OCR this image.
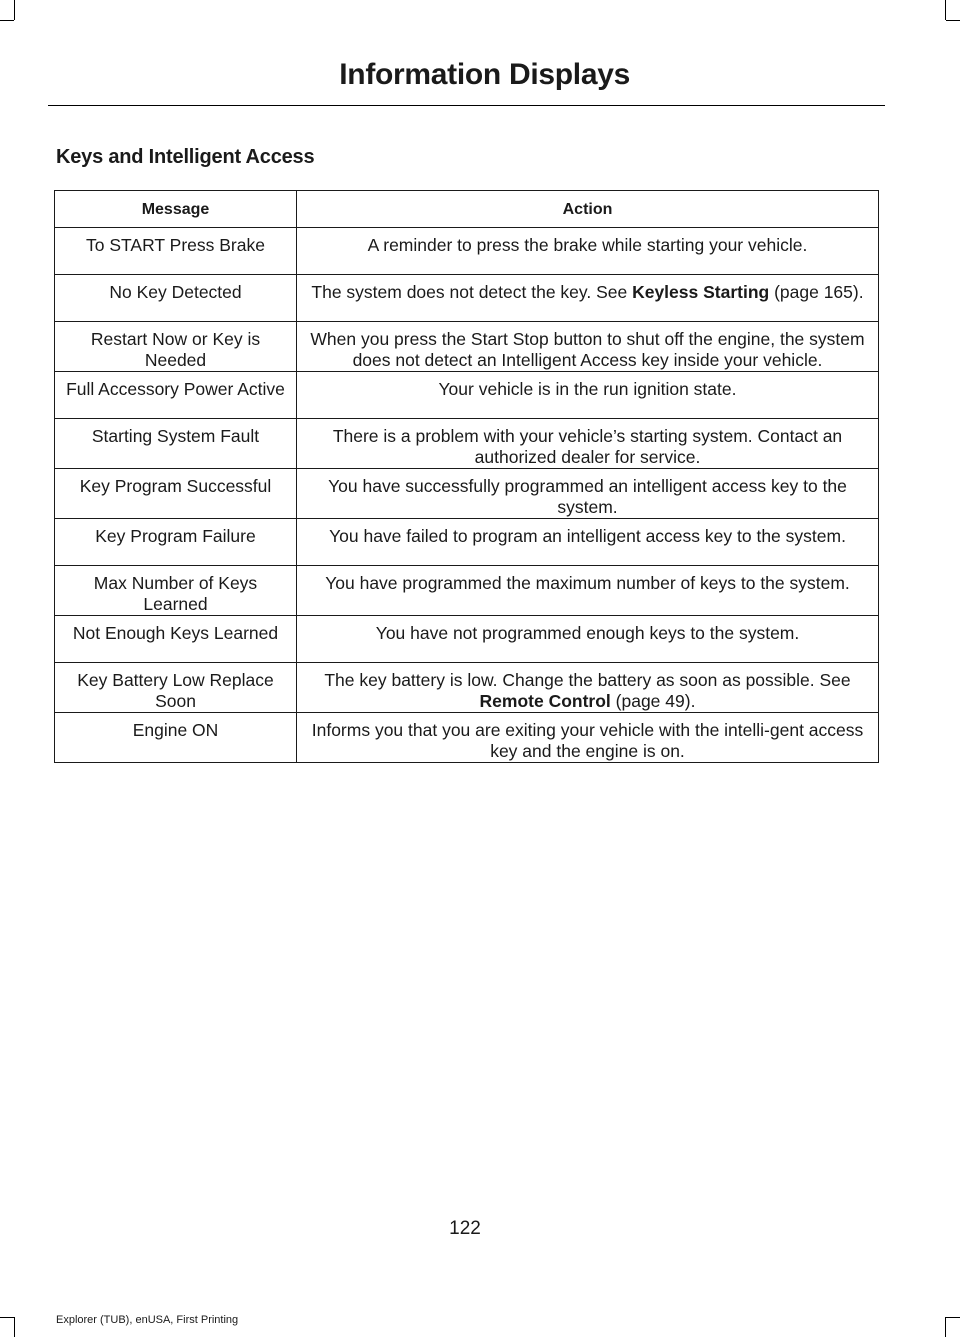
Information Displays
Keys and Intelligent Access
Message	Action
To START Press Brake	A reminder to press the brake while starting your vehicle.
No Key Detected	The system does not detect the key. See Keyless Starting (page 165).
Restart Now or Key is Needed	When you press the Start Stop button to shut off the engine, the system does not detect an Intelligent Access key inside your vehicle.
Full Accessory Power Active	Your vehicle is in the run ignition state.
Starting System Fault	There is a problem with your vehicle’s starting system. Contact an authorized dealer for service.
Key Program Successful	You have successfully programmed an intelligent access key to the system.
Key Program Failure	You have failed to program an intelligent access key to the system.
Max Number of Keys Learned	You have programmed the maximum number of keys to the system.
Not Enough Keys Learned	You have not programmed enough keys to the system.
Key Battery Low Replace Soon	The key battery is low. Change the battery as soon as possible. See Remote Control (page 49).
Engine ON	Informs you that you are exiting your vehicle with the intelli-gent access key and the engine is on.
122
Explorer (TUB), enUSA, First Printing
